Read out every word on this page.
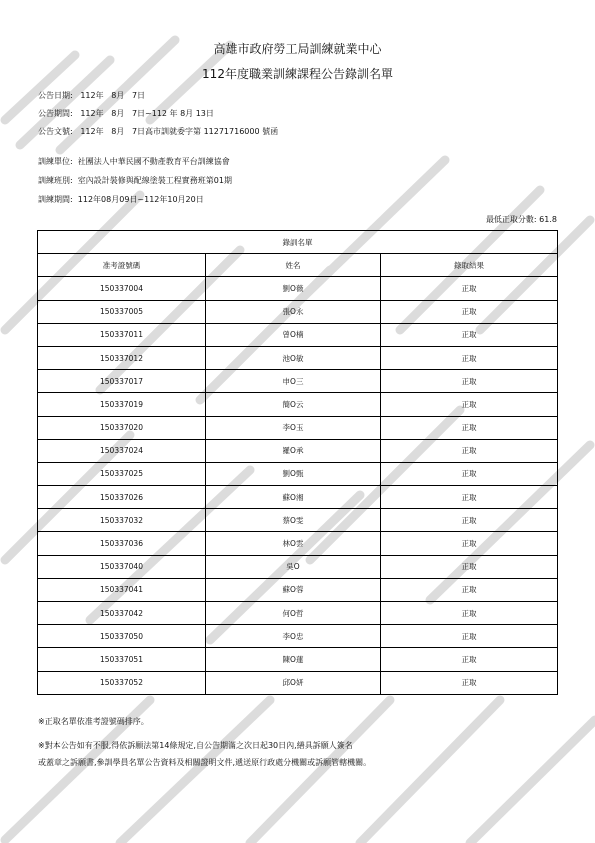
高雄市政府勞工局訓練就業中心
112年度職業訓練課程公告錄訓名單
公告日期:   112年   8月   7日
公告期間:   112年   8月   7日~112 年 8月 13日
公告文號:   112年   8月   7日高市訓就委字第 11271716000 號函
訓練單位:  社團法人中華民國不動產教育平台訓練協會
訓練班別:  室內設計裝修與配線塗裝工程實務班第01期
訓練期間:  112年08月09日~112年10月20日
最低正取分數: 61.8
錄訓名單		
准考證號碼	姓名	錄取結果
150337004	劉O薇	正取
150337005	張O永	正取
150337011	曾O楠	正取
150337012	池O敏	正取
150337017	申O三	正取
150337019	簡O云	正取
150337020	李O玉	正取
150337024	羅O承	正取
150337025	劉O甄	正取
150337026	蘇O湘	正取
150337032	蔡O雯	正取
150337036	林O雲	正取
150337040	吳O	正取
150337041	蘇O蓉	正取
150337042	何O哲	正取
150337050	李O忠	正取
150337051	陳O蓮	正取
150337052	邱O妍	正取
※正取名單依准考證號碼排序。
※對本公告如有不服,得依訴願法第14條規定,自公告期滿之次日起30日內,繕具訴願人簽名
或蓋章之訴願書,參訓學員名單公告資料及相關證明文件,遞送原行政處分機關或訴願管轄機關。
